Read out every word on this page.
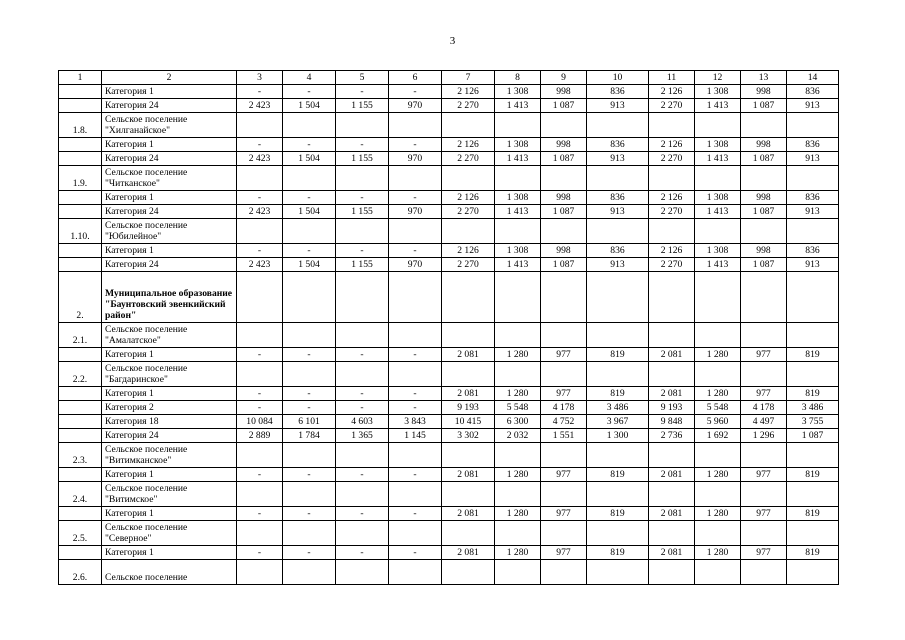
3
1	2	3	4	5	6	7	8	9	10	11	12	13	14
	Категория 1	-	-	-	-	2 126	1 308	998	836	2 126	1 308	998	836
	Категория 24	2 423	1 504	1 155	970	2 270	1 413	1 087	913	2 270	1 413	1 087	913
1.8.	Сельское поселение "Хилганайское"												
	Категория 1	-	-	-	-	2 126	1 308	998	836	2 126	1 308	998	836
	Категория 24	2 423	1 504	1 155	970	2 270	1 413	1 087	913	2 270	1 413	1 087	913
1.9.	Сельское поселение "Читканское"												
	Категория 1	-	-	-	-	2 126	1 308	998	836	2 126	1 308	998	836
	Категория 24	2 423	1 504	1 155	970	2 270	1 413	1 087	913	2 270	1 413	1 087	913
1.10.	Сельское поселение "Юбилейное"												
	Категория 1	-	-	-	-	2 126	1 308	998	836	2 126	1 308	998	836
	Категория 24	2 423	1 504	1 155	970	2 270	1 413	1 087	913	2 270	1 413	1 087	913
2.	Муниципальное образование "Баунтовский эвенкийский район"												
2.1.	Сельское поселение "Амалатское"												
	Категория 1	-	-	-	-	2 081	1 280	977	819	2 081	1 280	977	819
2.2.	Сельское поселение "Багдаринское"												
	Категория 1	-	-	-	-	2 081	1 280	977	819	2 081	1 280	977	819
	Категория 2	-	-	-	-	9 193	5 548	4 178	3 486	9 193	5 548	4 178	3 486
	Категория 18	10 084	6 101	4 603	3 843	10 415	6 300	4 752	3 967	9 848	5 960	4 497	3 755
	Категория 24	2 889	1 784	1 365	1 145	3 302	2 032	1 551	1 300	2 736	1 692	1 296	1 087
2.3.	Сельское поселение "Витимканское"												
	Категория 1	-	-	-	-	2 081	1 280	977	819	2 081	1 280	977	819
2.4.	Сельское поселение "Витимское"												
	Категория 1	-	-	-	-	2 081	1 280	977	819	2 081	1 280	977	819
2.5.	Сельское поселение "Северное"												
	Категория 1	-	-	-	-	2 081	1 280	977	819	2 081	1 280	977	819
2.6.	Сельское поселение												
